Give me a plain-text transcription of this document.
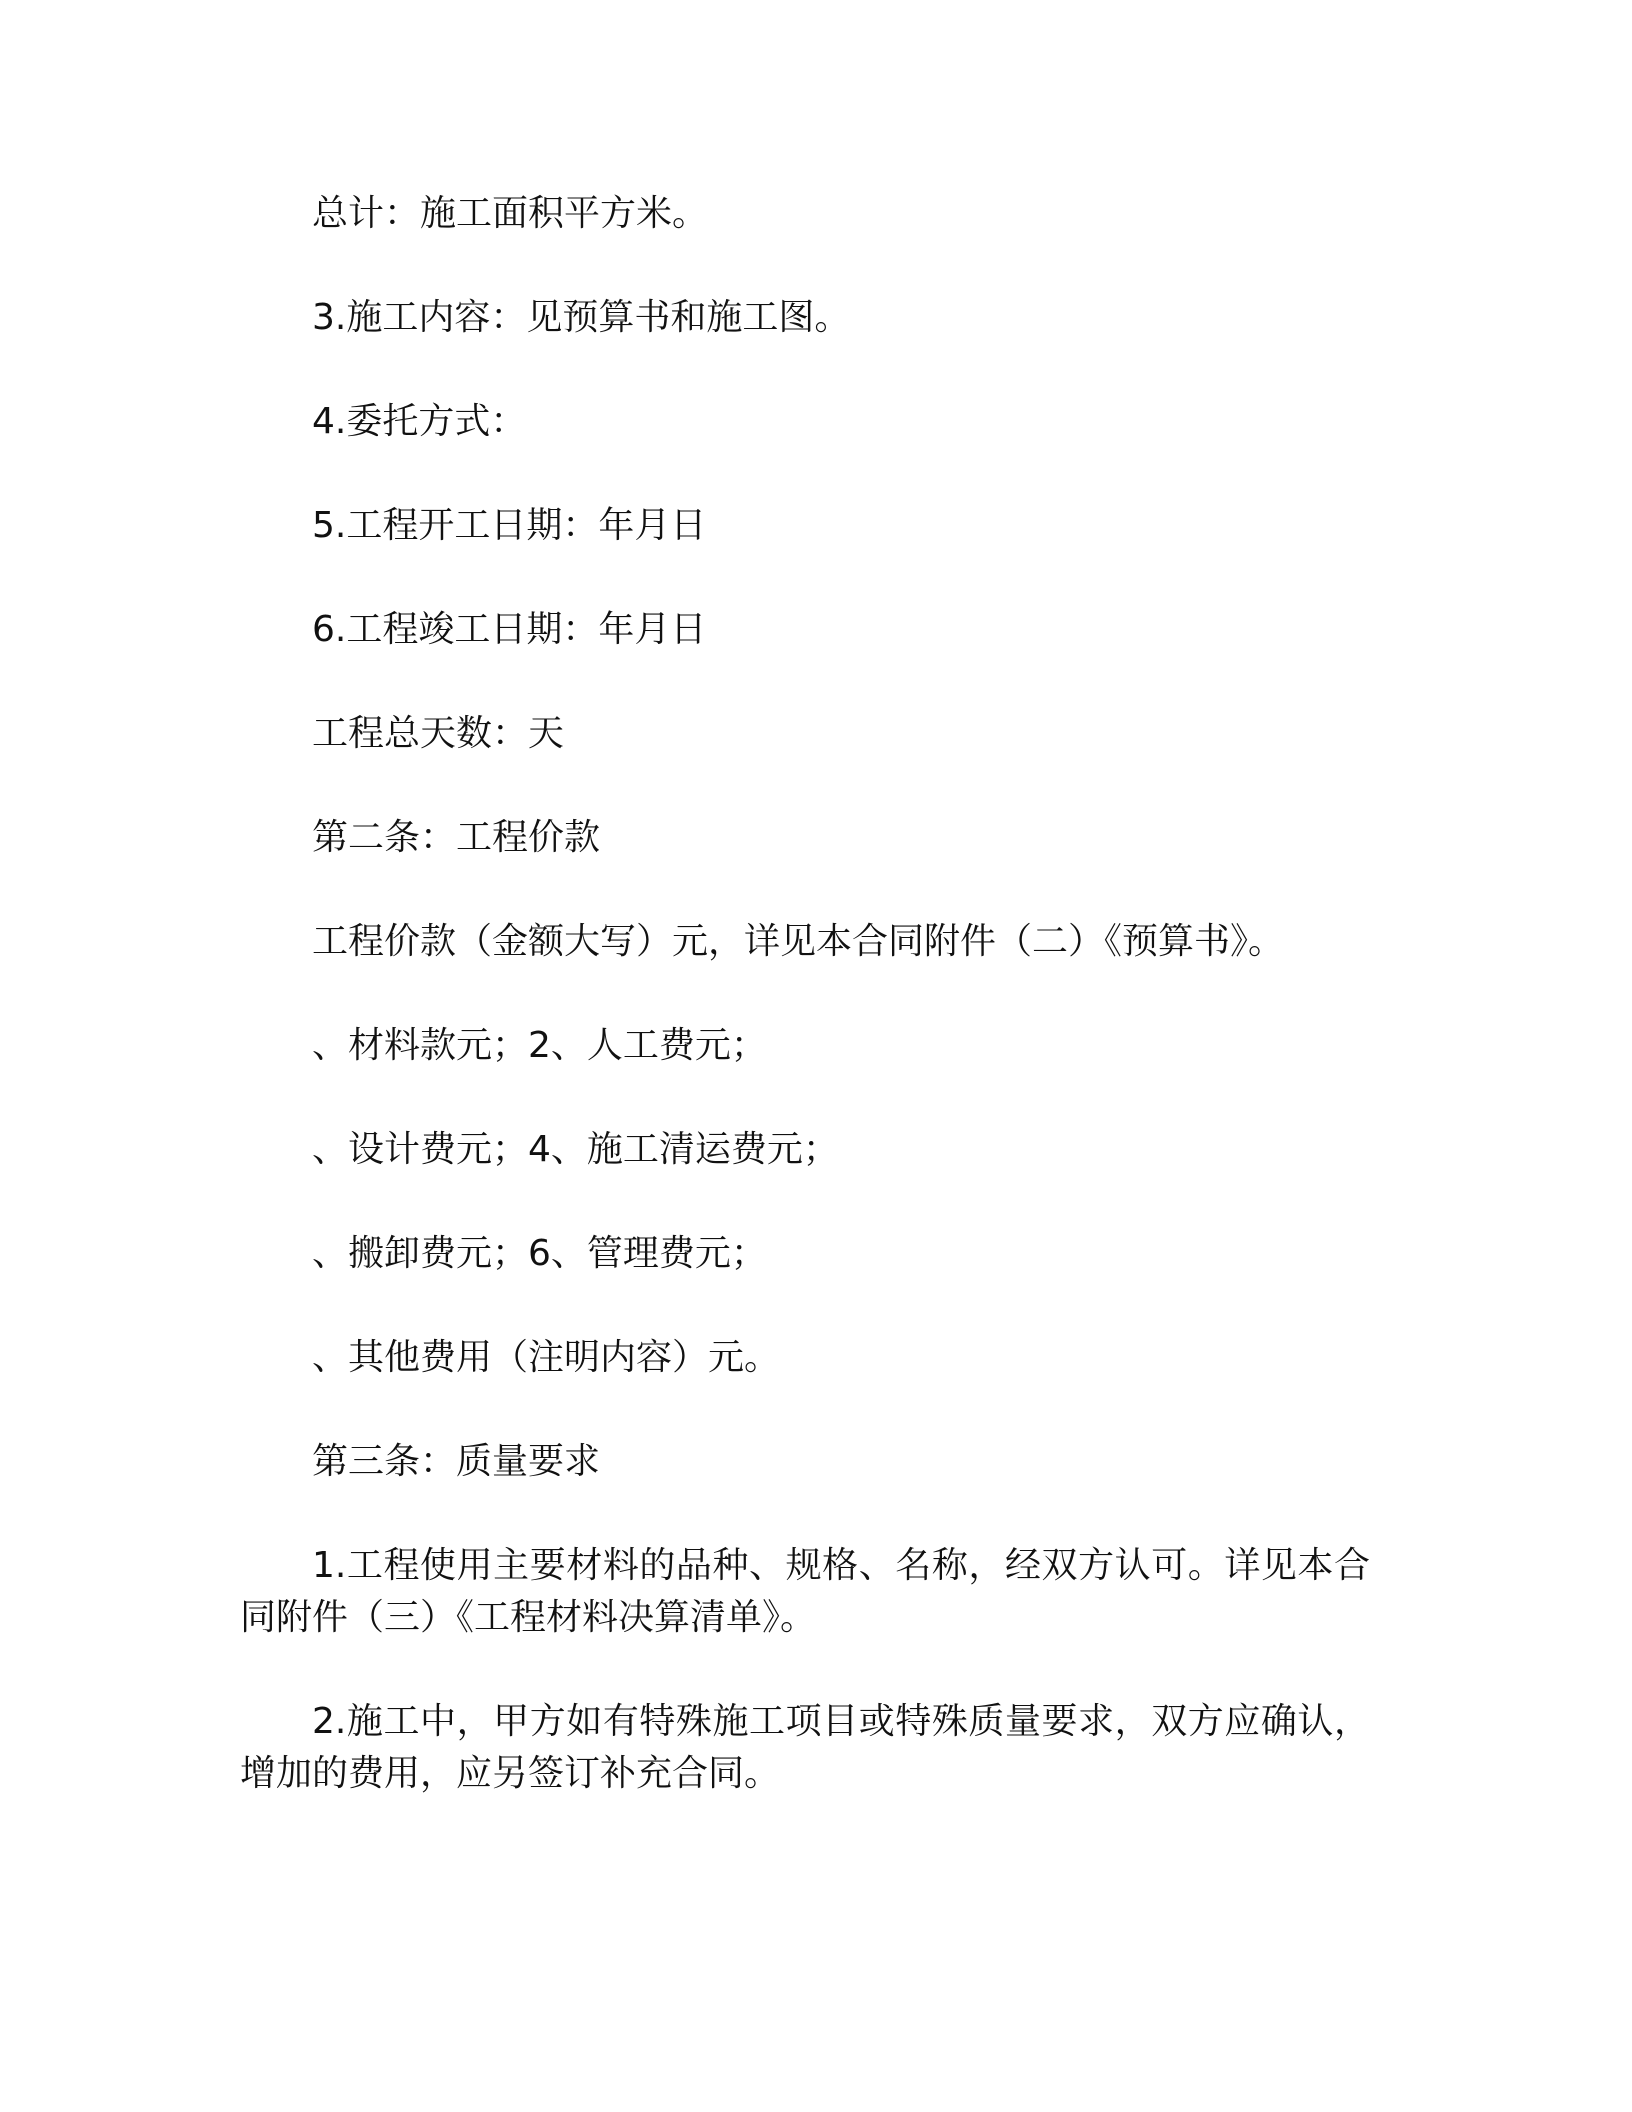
总计：施工面积平方米。
3.施工内容：见预算书和施工图。
4.委托方式：
5.工程开工日期：年月日
6.工程竣工日期：年月日
工程总天数：天
第二条：工程价款
工程价款（金额大写）元，详见本合同附件（二）《预算书》。
、材料款元；2、人工费元；
、设计费元；4、施工清运费元；
、搬卸费元；6、管理费元；
、其他费用（注明内容）元。
第三条：质量要求
1.工程使用主要材料的品种、规格、名称，经双方认可。详见本合同附件（三）《工程材料决算清单》。
2.施工中，甲方如有特殊施工项目或特殊质量要求，双方应确认，增加的费用，应另签订补充合同。
